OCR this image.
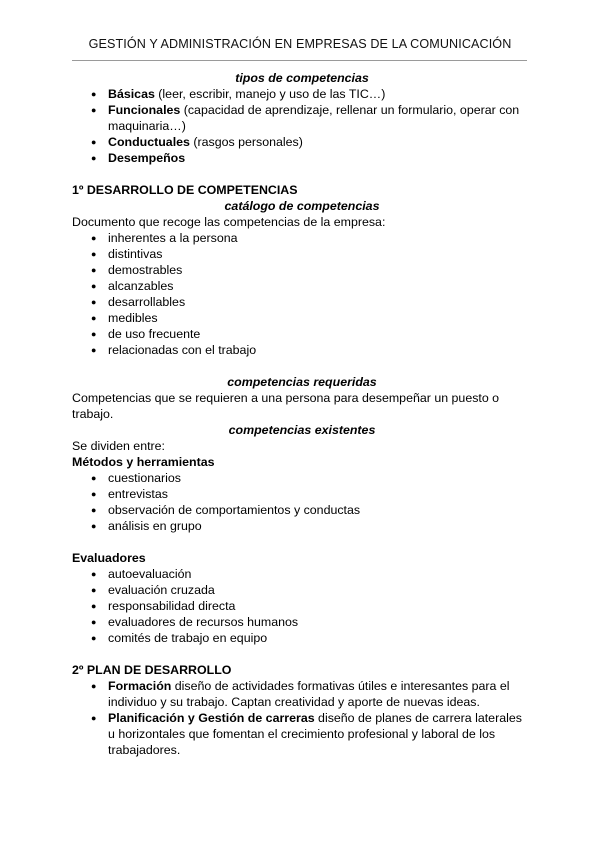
GESTIÓN Y ADMINISTRACIÓN EN EMPRESAS DE LA COMUNICACIÓN
tipos de competencias
● Básicas (leer, escribir, manejo y uso de las TIC…)
● Funcionales (capacidad de aprendizaje, rellenar un formulario, operar con maquinaria…)
● Conductuales (rasgos personales)
● Desempeños
1º DESARROLLO DE COMPETENCIAS
catálogo de competencias

Documento que recoge las competencias de la empresa:

● inherentes a la persona
● distintivas
● demostrables
● alcanzables
● desarrollables
● medibles
● de uso frecuente
● relacionadas con el trabajo
competencias requeridas

Competencias que se requieren a una persona para desempeñar un puesto o trabajo.

competencias existentes

Se dividen entre:

Métodos y herramientas
● cuestionarios
● entrevistas
● observación de comportamientos y conductas
● análisis en grupo
Evaluadores
● autoevaluación
● evaluación cruzada
● responsabilidad directa
● evaluadores de recursos humanos
● comités de trabajo en equipo
2º PLAN DE DESARROLLO
● Formación diseño de actividades formativas útiles e interesantes para el individuo y su trabajo. Captan creatividad y aporte de nuevas ideas.
● Planificación y Gestión de carreras diseño de planes de carrera laterales u horizontales que fomentan el crecimiento profesional y laboral de los trabajadores.
